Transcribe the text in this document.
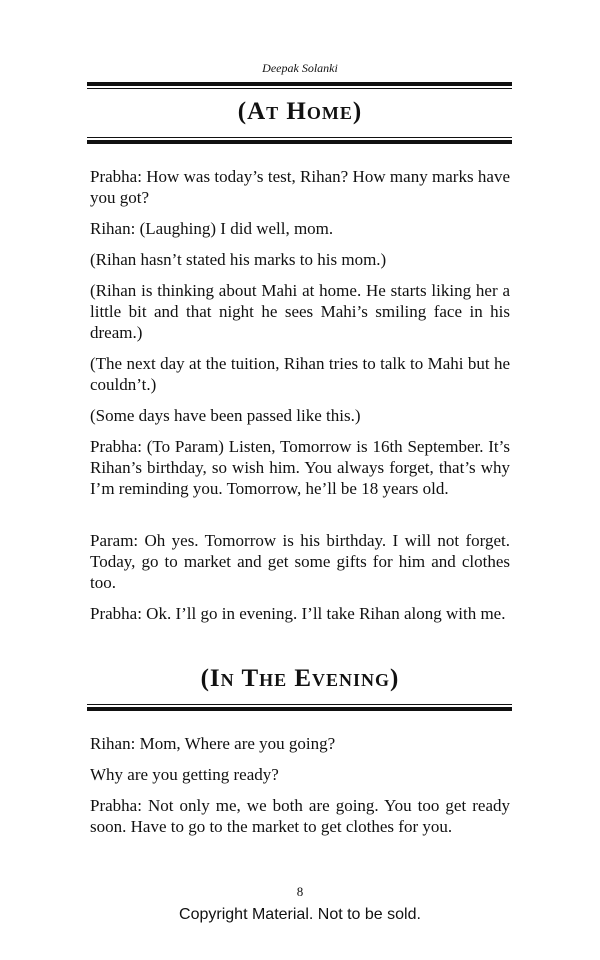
Deepak Solanki
(At Home)

Prabha: How was today’s test, Rihan? How many marks have you got?

Rihan: (Laughing) I did well, mom.

(Rihan hasn’t stated his marks to his mom.)

(Rihan is thinking about Mahi at home. He starts liking her a little bit and that night he sees Mahi’s smiling face in his dream.)

(The next day at the tuition, Rihan tries to talk to Mahi but he couldn’t.)

(Some days have been passed like this.)

Prabha: (To Param) Listen, Tomorrow is 16th September. It’s Rihan’s birthday, so wish him. You always forget, that’s why I’m reminding you. Tomorrow, he’ll be 18 years old.

Param: Oh yes. Tomorrow is his birthday. I will not forget. Today, go to market and get some gifts for him and clothes too.

Prabha: Ok. I’ll go in evening. I’ll take Rihan along with me.

(In The Evening)

Rihan: Mom, Where are you going?

Why are you getting ready?

Prabha: Not only me, we both are going. You too get ready soon. Have to go to the market to get clothes for you.

8
Copyright Material. Not to be sold.
